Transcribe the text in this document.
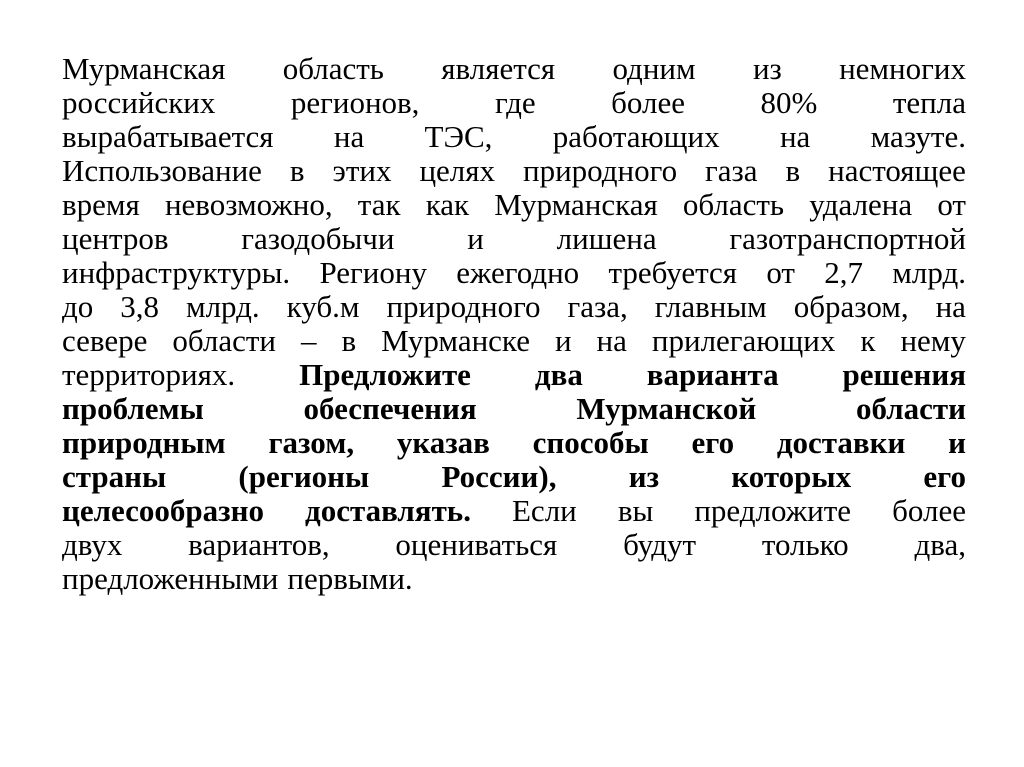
Мурманская область является одним из немногих
российских регионов, где более 80% тепла
вырабатывается на ТЭС, работающих на мазуте.
Использование в этих целях природного газа в настоящее
время невозможно, так как Мурманская область удалена от
центров газодобычи и лишена газотранспортной
инфраструктуры. Региону ежегодно требуется от 2,7 млрд.
до 3,8 млрд. куб.м природного газа, главным образом, на
севере области – в Мурманске и на прилегающих к нему
территориях. Предложите два варианта решения
проблемы	обеспечения	Мурманской	области
природным газом, указав способы его доставки и
страны (регионы России), из которых его
целесообразно доставлять. Если вы предложите более
двух вариантов, оцениваться будут только два,
предложенными первыми.
